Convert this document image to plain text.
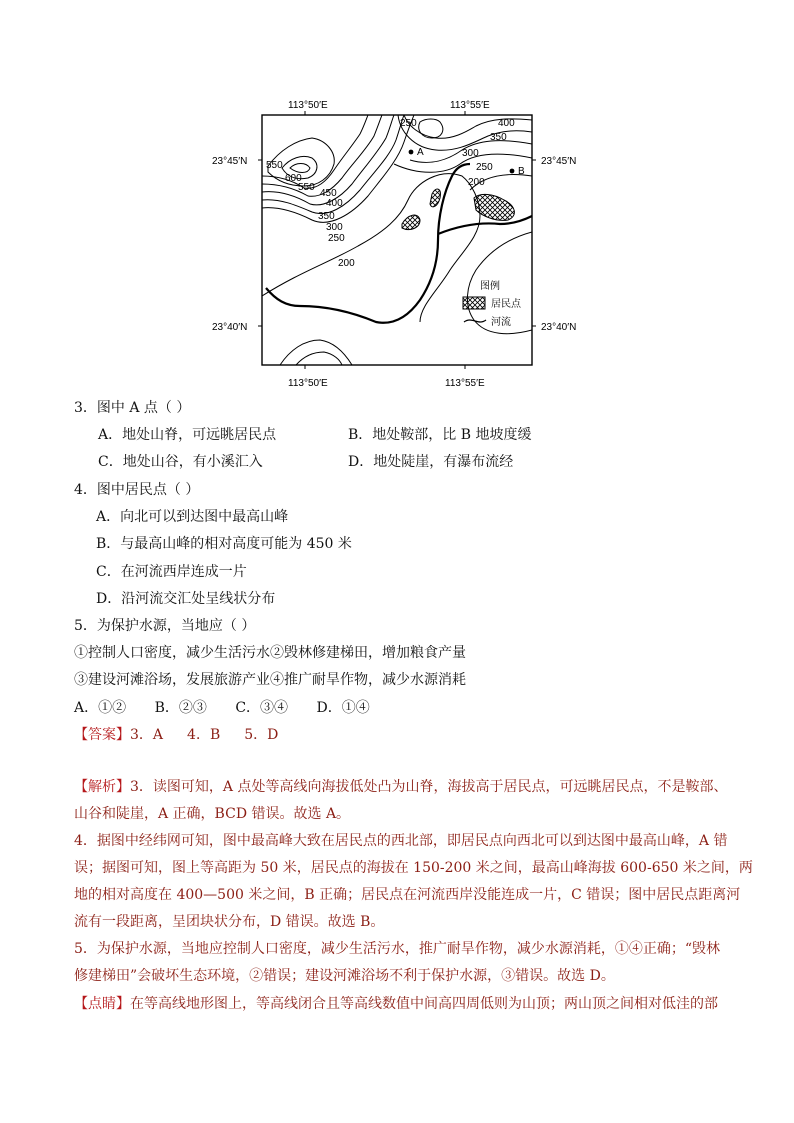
113°50′E	113°55′E
113°50′E	113°55′E
23°45′N	23°45′N
23°40′N	23°40′N
A
B
250	400
350
300
250
200
550
600
550
450
400
350
300
250
200
图例
居民点
河流
3．图中 A 点（ ）
A．地处山脊，可远眺居民点	B．地处鞍部，比 B 地坡度缓
C．地处山谷，有小溪汇入	D．地处陡崖，有瀑布流经
4．图中居民点（ ）
A．向北可以到达图中最高山峰
B．与最高山峰的相对高度可能为 450 米
C．在河流西岸连成一片
D．沿河流交汇处呈线状分布
5．为保护水源，当地应（ ）
①控制人口密度，减少生活污水②毁林修建梯田，增加粮食产量
③建设河滩浴场，发展旅游产业④推广耐旱作物，减少水源消耗
A．①② B．②③ C．③④ D．①④
【答案】3．A 4．B 5．D
【解析】3．读图可知，A 点处等高线向海拔低处凸为山脊，海拔高于居民点，可远眺居民点，不是鞍部、
山谷和陡崖，A 正确，BCD 错误。故选 A。
4．据图中经纬网可知，图中最高峰大致在居民点的西北部，即居民点向西北可以到达图中最高山峰，A 错
误；据图可知，图上等高距为 50 米，居民点的海拔在 150-200 米之间，最高山峰海拔 600-650 米之间，两
地的相对高度在 400—500 米之间，B 正确；居民点在河流西岸没能连成一片，C 错误；图中居民点距离河
流有一段距离，呈团块状分布，D 错误。故选 B。
5．为保护水源，当地应控制人口密度，减少生活污水，推广耐旱作物，减少水源消耗，①④正确；“毁林
修建梯田”会破坏生态环境，②错误；建设河滩浴场不利于保护水源，③错误。故选 D。
【点睛】在等高线地形图上，等高线闭合且等高线数值中间高四周低则为山顶；两山顶之间相对低洼的部
